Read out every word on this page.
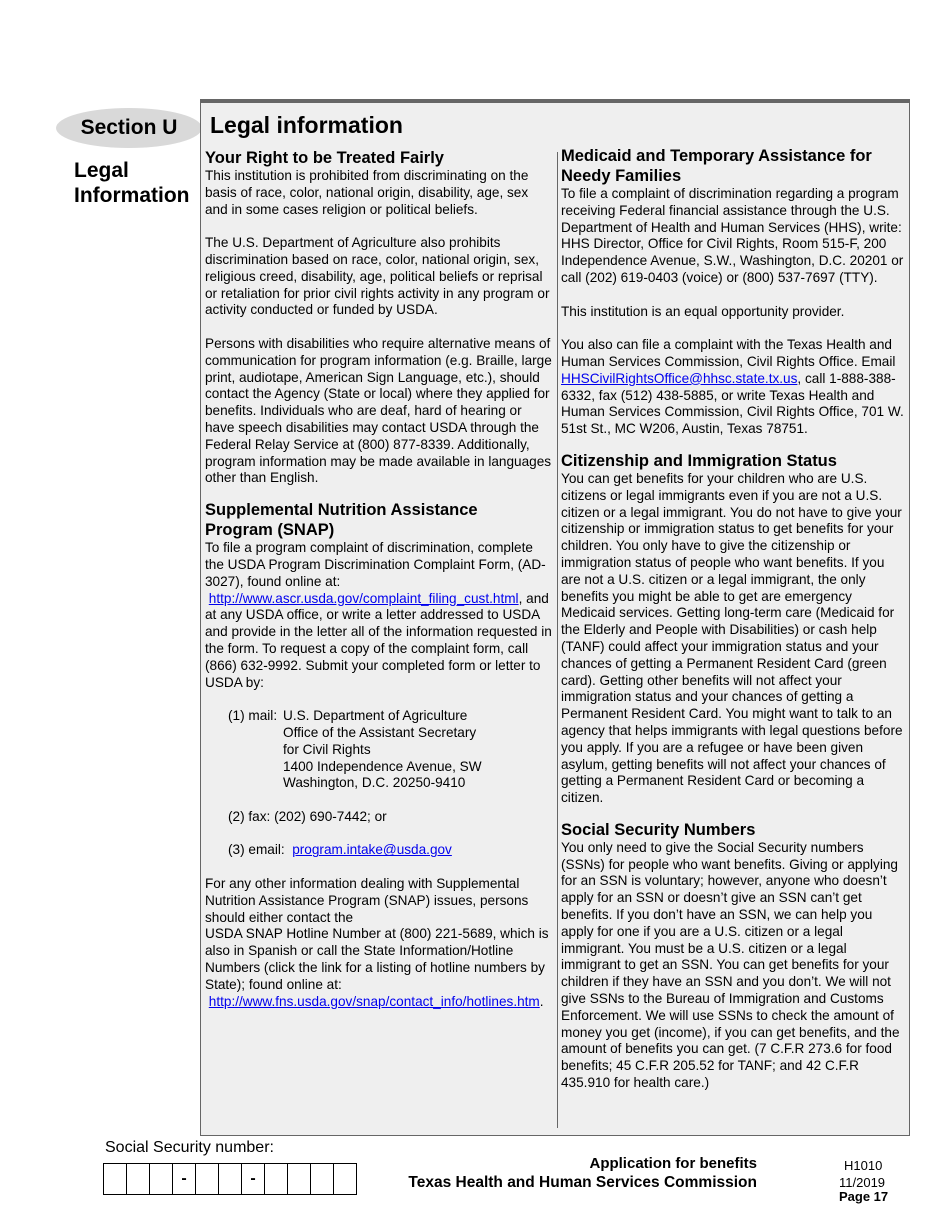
Section U
Legal
Information
Legal information
Your Right to be Treated Fairly

This institution is prohibited from discriminating on the basis of race, color, national origin, disability, age, sex and in some cases religion or political beliefs.

The U.S. Department of Agriculture also prohibits discrimination based on race, color, national origin, sex, religious creed, disability, age, political beliefs or reprisal or retaliation for prior civil rights activity in any program or activity conducted or funded by USDA.

Persons with disabilities who require alternative means of communication for program information (e.g. Braille, large print, audiotape, American Sign Language, etc.), should contact the Agency (State or local) where they applied for benefits. Individuals who are deaf, hard of hearing or have speech disabilities may contact USDA through the Federal Relay Service at (800) 877-8339. Additionally, program information may be made available in languages other than English.

Supplemental Nutrition Assistance
Program (SNAP)

To file a program complaint of discrimination, complete the USDA Program Discrimination Complaint Form, (AD-3027), found online at:
http://www.ascr.usda.gov/complaint_filing_cust.html, and at any USDA office, or write a letter addressed to USDA and provide in the letter all of the information requested in the form. To request a copy of the complaint form, call (866) 632-9992. Submit your completed form or letter to USDA by:

(1) mail: U.S. Department of Agriculture
Office of the Assistant Secretary
for Civil Rights
1400 Independence Avenue, SW
Washington, D.C. 20250-9410
(2) fax: (202) 690-7442; or
(3) email: program.intake@usda.gov

For any other information dealing with Supplemental Nutrition Assistance Program (SNAP) issues, persons should either contact the

USDA SNAP Hotline Number at (800) 221-5689, which is also in Spanish or call the State Information/Hotline Numbers (click the link for a listing of hotline numbers by State); found online at:

http://www.fns.usda.gov/snap/contact_info/hotlines.htm.
Medicaid and Temporary Assistance for
Needy Families

To file a complaint of discrimination regarding a program receiving Federal financial assistance through the U.S. Department of Health and Human Services (HHS), write: HHS Director, Office for Civil Rights, Room 515-F, 200 Independence Avenue, S.W., Washington, D.C. 20201 or call (202) 619-0403 (voice) or (800) 537-7697 (TTY).

This institution is an equal opportunity provider.

You also can file a complaint with the Texas Health and Human Services Commission, Civil Rights Office. Email HHSCivilRightsOffice@hhsc.state.tx.us, call 1-888-388-6332, fax (512) 438-5885, or write Texas Health and Human Services Commission, Civil Rights Office, 701 W. 51st St., MC W206, Austin, Texas 78751.

Citizenship and Immigration Status

You can get benefits for your children who are U.S. citizens or legal immigrants even if you are not a U.S. citizen or a legal immigrant. You do not have to give your citizenship or immigration status to get benefits for your children. You only have to give the citizenship or immigration status of people who want benefits. If you are not a U.S. citizen or a legal immigrant, the only benefits you might be able to get are emergency Medicaid services. Getting long-term care (Medicaid for the Elderly and People with Disabilities) or cash help (TANF) could affect your immigration status and your chances of getting a Permanent Resident Card (green card). Getting other benefits will not affect your immigration status and your chances of getting a Permanent Resident Card. You might want to talk to an agency that helps immigrants with legal questions before you apply. If you are a refugee or have been given asylum, getting benefits will not affect your chances of getting a Permanent Resident Card or becoming a citizen.

Social Security Numbers

You only need to give the Social Security numbers (SSNs) for people who want benefits. Giving or applying for an SSN is voluntary; however, anyone who doesn’t apply for an SSN or doesn’t give an SSN can’t get benefits. If you don’t have an SSN, we can help you apply for one if you are a U.S. citizen or a legal immigrant. You must be a U.S. citizen or a legal immigrant to get an SSN. You can get benefits for your children if they have an SSN and you don’t. We will not give SSNs to the Bureau of Immigration and Customs Enforcement. We will use SSNs to check the amount of money you get (income), if you can get benefits, and the amount of benefits you can get. (7 C.F.R 273.6 for food benefits; 45 C.F.R 205.52 for TANF; and 42 C.F.R 435.910 for health care.)

Social Security number:
-	-
Application for benefits
Texas Health and Human Services Commission
H1010
11/2019
Page 17
